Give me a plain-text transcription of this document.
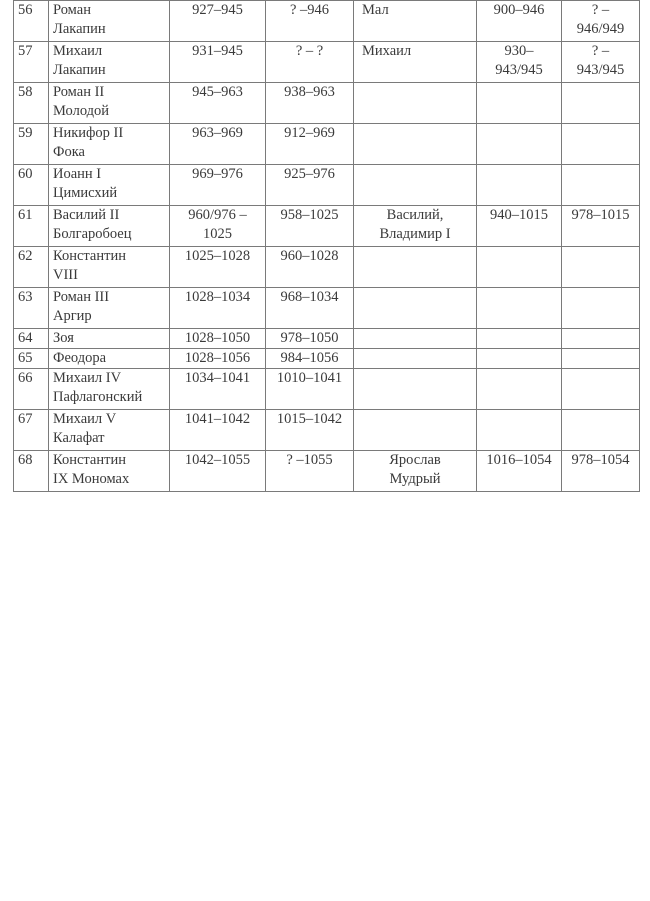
56	Роман
Лакапин	927–945	? –946	Мал	900–946	? –
946/949
57	Михаил
Лакапин	931–945	? – ?	Михаил	930–
943/945	? –
943/945
58	Роман II
Молодой	945–963	938–963			
59	Никифор II
Фока	963–969	912–969			
60	Иоанн I
Цимисхий	969–976	925–976			
61	Василий II
Болгаробоец	960/976 –
1025	958–1025	Василий,
Владимир I	940–1015	978–1015
62	Константин
VIII	1025–1028	960–1028			
63	Роман III
Аргир	1028–1034	968–1034			
64	Зоя	1028–1050	978–1050			
65	Феодора	1028–1056	984–1056			
66	Михаил IV
Пафлагонский	1034–1041	1010–1041			
67	Михаил V
Калафат	1041–1042	1015–1042			
68	Константин
IX Мономах	1042–1055	? –1055	Ярослав
Мудрый	1016–1054	978–1054
